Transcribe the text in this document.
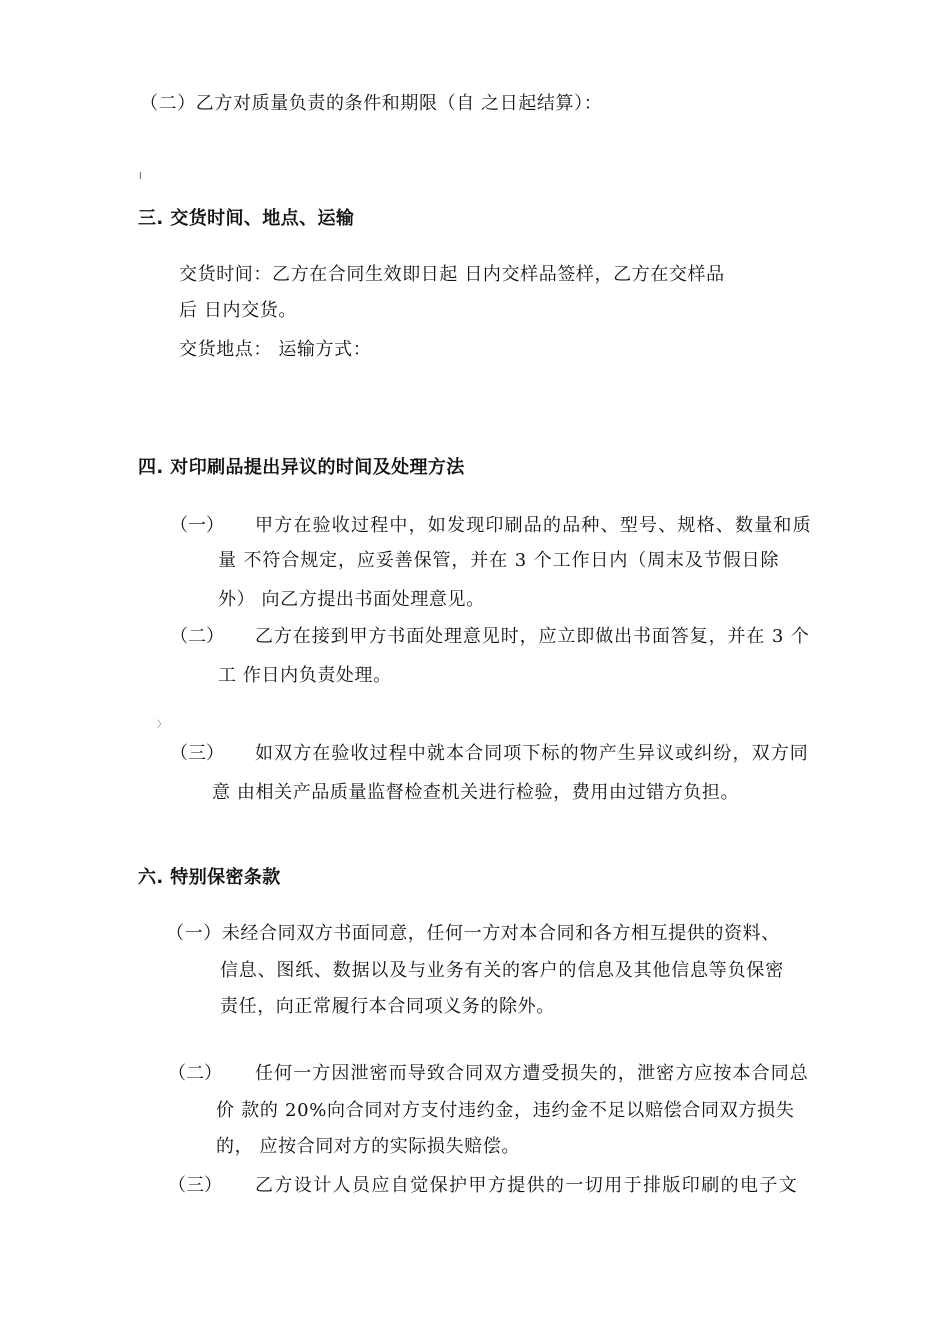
（二）乙方对质量负责的条件和期限（自 之日起结算）：
ǀ
三. 交货时间、地点、运输
交货时间：乙方在合同生效即日起 日内交样品签样，乙方在交样品
后 日内交货。
交货地点： 运输方式：
四. 对印刷品提出异议的时间及处理方法
（一） 甲方在验收过程中，如发现印刷品的品种、型号、规格、数量和质
量 不符合规定，应妥善保管，并在 3 个工作日内（周末及节假日除
外） 向乙方提出书面处理意见。
（二） 乙方在接到甲方书面处理意见时，应立即做出书面答复，并在 3 个
工 作日内负责处理。
〉
（三） 如双方在验收过程中就本合同项下标的物产生异议或纠纷，双方同
意 由相关产品质量监督检查机关进行检验，费用由过错方负担。
六. 特别保密条款
（一）未经合同双方书面同意，任何一方对本合同和各方相互提供的资料、
信息、图纸、数据以及与业务有关的客户的信息及其他信息等负保密
责任，向正常履行本合同项义务的除外。
（二） 任何一方因泄密而导致合同双方遭受损失的，泄密方应按本合同总
价 款的 20%向合同对方支付违约金，违约金不足以赔偿合同双方损失
的， 应按合同对方的实际损失赔偿。
（三） 乙方设计人员应自觉保护甲方提供的一切用于排版印刷的电子文
